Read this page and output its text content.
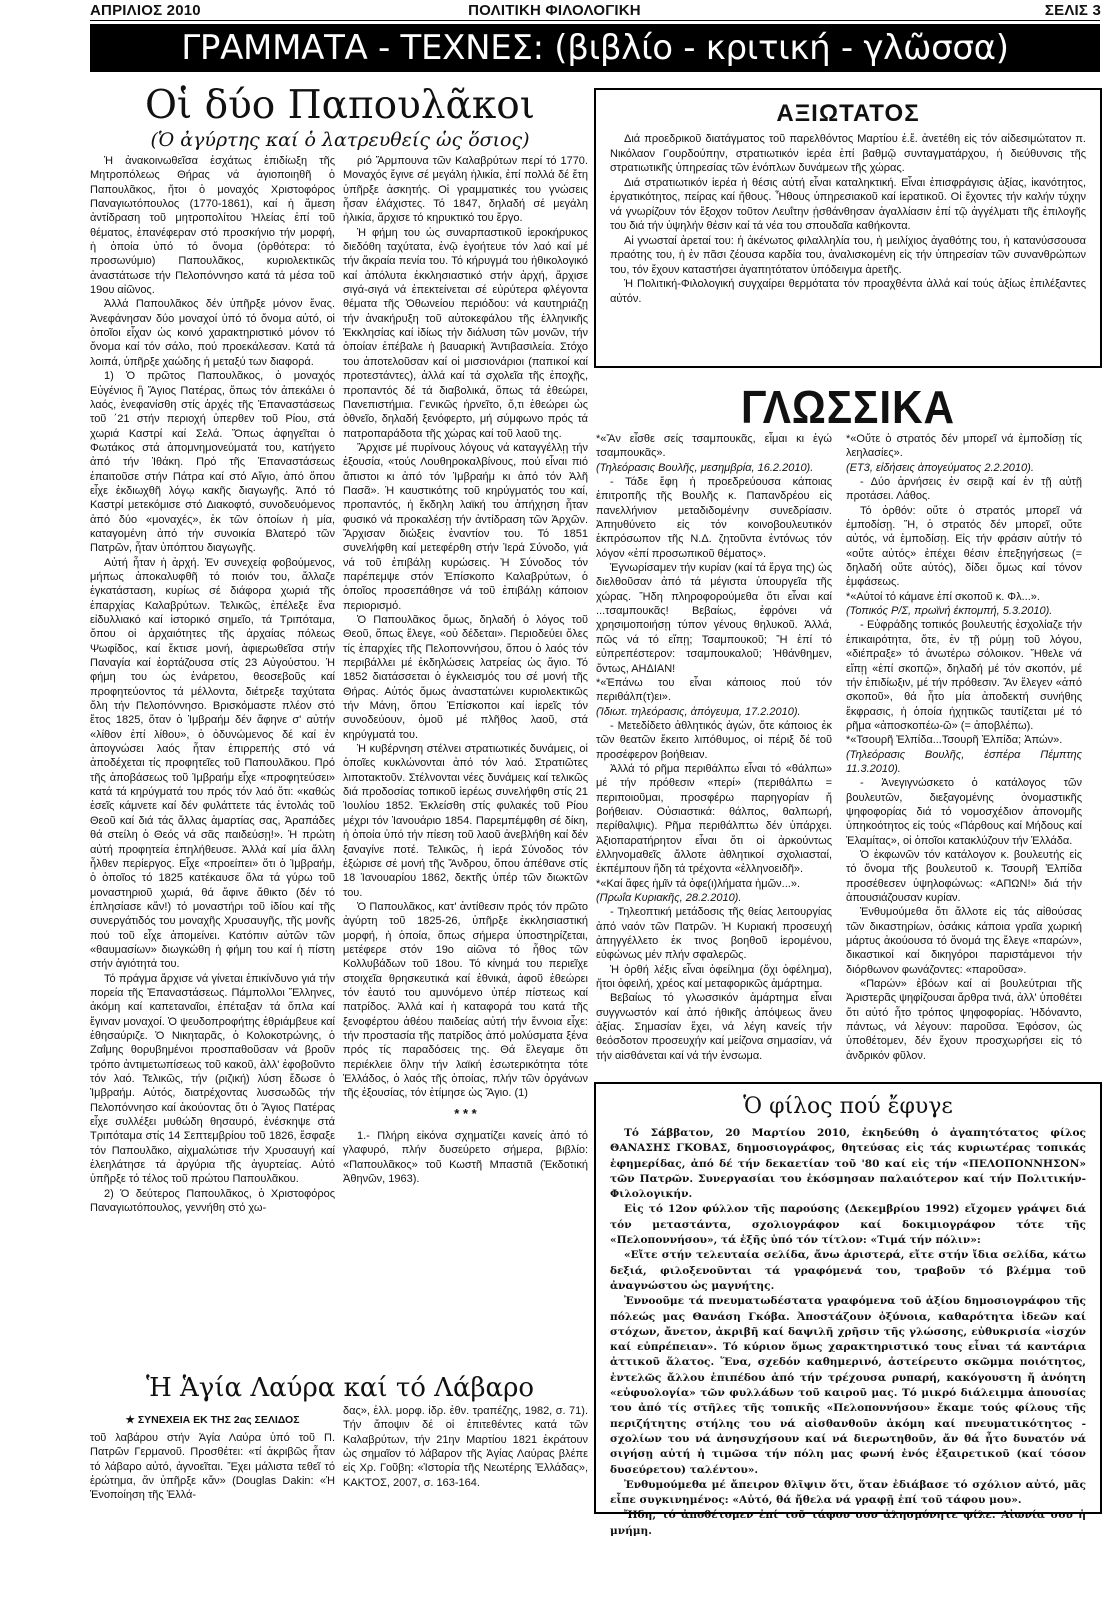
ΑΠΡΙΛΙΟΣ 2010	ΠΟΛΙΤΙΚΗ ΦΙΛΟΛΟΓΙΚΗ	ΣΕΛΙΣ 3
ΓΡΑΜΜΑΤΑ - ΤΕΧΝΕΣ: (βιβλίο - κριτική - γλῶσσα)
Οἱ δύο Παπουλᾶκοι
(Ὁ ἀγύρτης καί ὁ λατρευθείς ὡς ὅσιος)

Ἡ ἀνακοινωθεῖσα ἐσχάτως ἐπιδίωξη τῆς Μητροπόλεως Θήρας νά ἁγιοποιηθῆ ὁ Παπουλᾶκος, ἤτοι ὁ μοναχός Χριστοφόρος Παναγιωτόπουλος (1770-1861), καί ἡ ἄμεση ἀντίδραση τοῦ μητροπολίτου Ἠλείας ἐπί τοῦ θέματος, ἐπανέφεραν στό προσκήνιο τήν μορφή, ἡ ὁποία ὑπό τό ὄνομα (ὀρθότερα: τό προσωνύμιο) Παπουλᾶκος, κυριολεκτικῶς ἀναστάτωσε τήν Πελοπόννησο κατά τά μέσα τοῦ 19ου αἰῶνος.

Ἀλλά Παπουλᾶκος δέν ὑπῆρξε μόνον ἕνας. Ἀνεφάνησαν δύο μοναχοί ὑπό τό ὄνομα αὐτό, οἱ ὁποῖοι εἶχαν ὡς κοινό χαρακτηριστικό μόνον τό ὄνομα καί τόν σάλο, πού προεκάλεσαν. Κατά τά λοιπά, ὑπῆρξε χαώδης ἡ μεταξύ των διαφορά.

1) Ὁ πρῶτος Παπουλᾶκος, ὁ μοναχός Εὐγένιος ἢ Ἅγιος Πατέρας, ὅπως τόν ἀπεκάλει ὁ λαός, ἐνεφανίσθη στίς ἀρχές τῆς Ἐπαναστάσεως τοῦ ΄21 στήν περιοχή ὑπερθεν τοῦ Ρίου, στά χωριά Καστρί καί Σελά. Ὅπως ἀφηγεῖται ὁ Φωτάκος στά ἀπομνημονεύματά του, κατήγετο ἀπό τήν Ἰθάκη. Πρό τῆς Ἐπαναστάσεως ἐπαιτοῦσε στήν Πάτρα καί στό Αἴγιο, ἀπό ὅπου εἶχε ἐκδιωχθῆ λόγῳ κακῆς διαγωγῆς. Ἀπό τό Καστρί μετεκόμισε στό Διακοφτό, συνοδευόμενος ἀπό δύο «μοναχές», ἐκ τῶν ὁποίων ἡ μία, καταγομένη ἀπό τήν συνοικία Βλατερό τῶν Πατρῶν, ἦταν ὑπόπτου διαγωγῆς.

Αὐτή ἦταν ἡ ἀρχή. Ἐν συνεχείᾳ φοβούμενος, μήπως ἀποκαλυφθῆ τό ποιόν του, ἄλλαζε ἐγκατάσταση, κυρίως σέ διάφορα χωριά τῆς ἐπαρχίας Καλαβρύτων. Τελικῶς, ἐπέλεξε ἕνα εἰδυλλιακό καί ἱστορικό σημεῖο, τά Τριπόταμα, ὅπου οἱ ἀρχαιότητες τῆς ἀρχαίας πόλεως Ψωφίδος, καί ἔκτισε μονή, ἀφιερωθεῖσα στήν Παναγία καί ἑορτάζουσα στίς 23 Αὐγούστου. Ἡ φήμη του ὡς ἐνάρετου, θεοσεβοῦς καί προφητεύοντος τά μέλλοντα, διέτρεξε ταχύτατα ὅλη τήν Πελοπόννησο. Βρισκόμαστε πλέον στό ἔτος 1825, ὅταν ὁ Ἰμβραήμ δέν ἄφηνε σ' αὐτήν «λίθον ἐπί λίθου», ὁ ὀδυνώμενος δέ καί ἐν ἀπογνώσει λαός ἦταν ἐπιρρεπής στό νά ἀποδέχεται τίς προφητεῖες τοῦ Παπουλᾶκου. Πρό τῆς ἀποβάσεως τοῦ Ἰμβραήμ εἶχε «προφητεύσει» κατά τά κηρύγματά του πρός τόν λαό ὅτι: «καθώς ἐσεῖς κάμνετε καί δέν φυλάττετε τάς ἐντολάς τοῦ Θεοῦ καί διά τάς ἄλλας ἁμαρτίας σας, Ἀραπάδες θά στείλη ὁ Θεός νά σᾶς παιδεύσῃ!». Ἡ πρώτη αὐτή προφητεία ἐπηλήθευσε. Ἀλλά καί μία ἄλλη ἦλθεν περίεργος. Εἶχε «προείπει» ὅτι ὁ Ἰμβραήμ, ὁ ὁποῖος τό 1825 κατέκαυσε ὅλα τά γύρω τοῦ μοναστηριοῦ χωριά, θά ἄφινε ἄθικτο (δέν τό ἐπλησίασε κἄν!) τό μοναστήρι τοῦ ἰδίου καί τῆς συνεργάτιδός του μοναχῆς Χρυσαυγῆς, τῆς μονῆς πού τοῦ εἶχε ἀπομείνει. Κατόπιν αὐτῶν τῶν «θαυμασίων» διωγκώθη ἡ φήμη του καί ἡ πίστη στήν ἁγιότητά του.

Τό πράγμα ἄρχισε νά γίνεται ἐπικίνδυνο γιά τήν πορεία τῆς Ἐπαναστάσεως. Πάμπολλοι Ἕλληνες, ἀκόμη καί καπεταναῖοι, ἐπέταξαν τά ὅπλα καί ἔγιναν μοναχοί. Ὁ ψευδοπροφήτης ἐθριάμβευε καί ἐθησαύριζε. Ὁ Νικηταρᾶς, ὁ Κολοκοτρώνης, ὁ Ζαΐμης θορυβημένοι προσπαθοῦσαν νά βροῦν τρόπο ἀντιμετωπίσεως τοῦ κακοῦ, ἀλλ' ἐφοβοῦντο τόν λαό. Τελικῶς, τήν (ριζική) λύση ἔδωσε ὁ Ἰμβραήμ. Αὐτός, διατρέχοντας λυσσωδῶς τήν Πελοπόννησο καί ἀκούοντας ὅτι ὁ Ἅγιος Πατέρας εἶχε συλλέξει μυθώδη θησαυρό, ἐνέσκηψε στά Τριπόταμα στίς 14 Σεπτεμβρίου τοῦ 1826, ἔσφαξε τόν Παπουλᾶκο, αἰχμαλώτισε τήν Χρυσαυγή καί ἐλεηλάτησε τά ἀργύρια τῆς ἀγυρτείας. Αὐτό ὑπῆρξε τό τέλος τοῦ πρώτου Παπουλᾶκου.

2) Ὁ δεύτερος Παπουλᾶκος, ὁ Χριστοφόρος Παναγιωτόπουλος, γεννήθη στό χω-

ριό Ἄρμπουνα τῶν Καλαβρύτων περί τό 1770. Μοναχός ἔγινε σέ μεγάλη ἡλικία, ἐπί πολλά δέ ἔτη ὑπῆρξε ἀσκητής. Οἱ γραμματικές του γνώσεις ἦσαν ἐλάχιστες. Τό 1847, δηλαδή σέ μεγάλη ἡλικία, ἄρχισε τό κηρυκτικό του ἔργο.

Ἡ φήμη του ὡς συναρπαστικοῦ ἱεροκήρυκος διεδόθη ταχύτατα, ἐνῷ ἐγοήτευε τόν λαό καί μέ τήν ἄκραία πενία του. Τό κήρυγμά του ἠθικολογικό καί ἀπόλυτα ἐκκλησιαστικό στήν ἀρχή, ἄρχισε σιγά-σιγά νά ἐπεκτείνεται σέ εὐρύτερα φλέγοντα θέματα τῆς Ὀθωνείου περιόδου: νά καυτηριάζῃ τήν ἀνακήρυξη τοῦ αὐτοκεφάλου τῆς ἑλληνικῆς Ἐκκλησίας καί ἰδίως τήν διάλυση τῶν μονῶν, τήν ὁποίαν ἐπέβαλε ἡ βαυαρική Ἀντιβασιλεία. Στόχο του ἀποτελοῦσαν καί οἱ μισσιονάριοι (παπικοί καί προτεστάντες), ἀλλά καί τά σχολεῖα τῆς ἐποχῆς, προπαντός δέ τά διαβολικά, ὅπως τά ἐθεώρει, Πανεπιστήμια. Γενικῶς ἠρνεῖτο, ὅ,τι ἐθεώρει ὡς ὀθνεῖο, δηλαδή ξενόφερτο, μή σύμφωνο πρός τά πατροπαράδοτα τῆς χώρας καί τοῦ λαοῦ της.

Ἄρχισε μέ πυρίνους λόγους νά καταγγέλλῃ τήν ἐξουσία, «τούς Λουθηροκαλβίνους, πού εἶναι πιό ἄπιστοι κι ἀπό τόν Ἰμβραήμ κι ἀπό τόν Ἀλῆ Πασᾶ». Ἡ καυστικότης τοῦ κηρύγματός του καί, προπαντός, ἡ ἔκδηλη λαϊκή του ἀπήχηση ἦταν φυσικό νά προκαλέσῃ τήν ἀντίδραση τῶν Ἀρχῶν. Ἄρχισαν διώξεις ἐναντίον του. Τό 1851 συνελήφθη καί μετεφέρθη στήν Ἱερά Σύνοδο, γιά νά τοῦ ἐπιβάλῃ κυρώσεις. Ἡ Σύνοδος τόν παρέπεμψε στόν Ἐπίσκοπο Καλαβρύτων, ὁ ὁποῖος προσεπάθησε νά τοῦ ἐπιβάλῃ κάποιον περιορισμό.

Ὁ Παπουλᾶκος ὅμως, δηλαδή ὁ λόγος τοῦ Θεοῦ, ὅπως ἔλεγε, «οὐ δέδεται». Περιοδεύει ὅλες τίς ἐπαρχίες τῆς Πελοποννήσου, ὅπου ὁ λαός τόν περιβάλλει μέ ἐκδηλώσεις λατρείας ὡς ἅγιο. Τό 1852 διατάσσεται ὁ ἐγκλεισμός του σέ μονή τῆς Θήρας. Αὐτός ὅμως ἀναστατώνει κυριολεκτικῶς τήν Μάνη, ὅπου Ἐπίσκοποι καί ἱερεῖς τόν συνοδεύουν, ὁμοῦ μέ πλῆθος λαοῦ, στά κηρύγματά του.

Ἡ κυβέρνηση στέλνει στρατιωτικές δυνάμεις, οἱ ὁποῖες κυκλώνονται ἀπό τόν λαό. Στρατιῶτες λιποτακτοῦν. Στέλνονται νέες δυνάμεις καί τελικῶς διά προδοσίας τοπικοῦ ἱερέως συνελήφθη στίς 21 Ἰουλίου 1852. Ἐκλείσθη στίς φυλακές τοῦ Ρίου μέχρι τόν Ἰανουάριο 1854. Παρεμπέμφθη σέ δίκη, ἡ ὁποία ὑπό τήν πίεση τοῦ λαοῦ ἀνεβλήθη καί δέν ξαναγίνε ποτέ. Τελικῶς, ἡ ἱερά Σύνοδος τόν ἐξώρισε σέ μονή τῆς Ἄνδρου, ὅπου ἀπέθανε στίς 18 Ἰανουαρίου 1862, δεκτῆς ὑπέρ τῶν διωκτῶν του.

Ὁ Παπουλᾶκος, κατ' ἀντίθεσιν πρός τόν πρῶτο ἀγύρτη τοῦ 1825-26, ὑπῆρξε ἐκκλησιαστική μορφή, ἡ ὁποία, ὅπως σήμερα ὑποστηρίζεται, μετέφερε στόν 19ο αἰῶνα τό ἦθος τῶν Κολλυβάδων τοῦ 18ου. Τό κίνημά του περιεῖχε στοιχεῖα θρησκευτικά καί ἐθνικά, ἀφοῦ ἐθεώρει τόν ἑαυτό του αμυνόμενο ὑπέρ πίστεως καί πατρίδος. Ἀλλά καί ἡ καταφορά του κατά τῆς ξενοφέρτου ἀθέου παιδείας αὐτή τήν ἔννοια εἶχε: τήν προστασία τῆς πατρίδος ἀπό μολύσματα ξένα πρός τίς παραδόσεις της. Θά ἔλεγαμε ὅτι περιέκλειε ὅλην τήν λαϊκή ἐσωτερικότητα τότε Ἑλλάδος, ὁ λαός τῆς ὁποίας, πλήν τῶν ὀργάνων τῆς ἐξουσίας, τόν ἐτίμησε ὡς Ἅγιο. (1)

* * *

1.- Πλήρη εἰκόνα σχηματίζει κανείς ἀπό τό γλαφυρό, πλήν δυσεύρετο σήμερα, βιβλίο: «Παπουλᾶκος» τοῦ Κωστῆ Μπαστιᾶ (Ἐκδοτική Ἀθηνῶν, 1963).

Ἡ Ἁγία Λαύρα καί τό Λάβαρο
★ ΣΥΝΕΧΕΙΑ ΕΚ ΤΗΣ 2ας ΣΕΛΙΔΟΣ

τοῦ λαβάρου στήν Ἁγία Λαύρα ὑπό τοῦ Π. Πατρῶν Γερμανοῦ. Προσθέτει: «τί ἀκριβῶς ἦταν τό λάβαρο αὐτό, ἀγνοεῖται. Ἔχει μάλιστα τεθεῖ τό ἐρώτημα, ἄν ὑπῆρξε κἄν» (Douglas Dakin: «Ἡ Ἑνοποίηση τῆς Ἑλλά-

δας», ἑλλ. μορφ. ἰδρ. ἐθν. τραπέζης, 1982, σ. 71). Τήν ἄποψιν δέ οἱ ἐπιτεθέντες κατά τῶν Καλαβρύτων, τήν 21ην Μαρτίου 1821 ἐκράτουν ὡς σημαῖον τό λάβαρον τῆς Ἁγίας Λαύρας βλέπε εἰς Χρ. Γοῦβη: «Ἱστορία τῆς Νεωτέρης Ἑλλάδας», ΚΑΚΤΟΣ, 2007, σ. 163-164.

ΑΞΙΩΤΑΤΟΣ

Διά προεδρικοῦ διατάγματος τοῦ παρελθόντος Μαρτίου ἐ.ἔ. ἀνετέθη εἰς τόν αἰδεσιμώτατον π. Νικόλαον Γουρδούπην, στρατιωτικόν ἱερέα ἐπί βαθμῷ συνταγματάρχου, ἡ διεύθυνσις τῆς στρατιωτικῆς ὑπηρεσίας τῶν ἐνόπλων δυνάμεων τῆς χώρας.

Διά στρατιωτικόν ἱερέα ἡ θέσις αὐτή εἶναι καταληκτική. Εἶναι ἐπισφράγισις ἀξίας, ἱκανότητος, ἐργατικότητος, πείρας καί ἤθους. Ἦθους ὑπηρεσιακοῦ καί ἱερατικοῦ. Οἱ ἔχοντες τήν καλήν τύχην νά γνωρίζουν τόν ἔξοχον τοῦτον Λευΐτην ᾐσθάνθησαν ἀγαλλίασιν ἐπί τῷ ἀγγέλματι τῆς ἐπιλογῆς του διά τήν ὑψηλήν θέσιν καί τά νέα του σπουδαῖα καθήκοντα.

Αἱ γνωσταί ἀρεταί του: ἡ ἀκένωτος φιλαλληλία του, ἡ μειλίχιος ἀγαθότης του, ἡ κατανύσσουσα πραότης του, ἡ ἐν πᾶσι ζέουσα καρδία του, ἀναλισκομένη εἰς τήν ὑπηρεσίαν τῶν συνανθρώπων του, τόν ἔχουν καταστήσει ἀγαπητότατον ὑπόδειγμα ἀρετῆς.

Ἡ Πολιτική-Φιλολογική συγχαίρει θερμότατα τόν προαχθέντα ἀλλά καί τούς ἀξίως ἐπιλέξαντες αὐτόν.

ΓΛΩΣΣΙΚΑ

*«Ἄν εἶσθε σείς τσαμπουκᾶς, εἶμαι κι ἐγώ τσαμπουκᾶς».

(Τηλεόρασις Βουλῆς, μεσημβρία, 16.2.2010).

- Τάδε ἔφη ἡ προεδρεύουσα κάποιας ἐπιτροπῆς τῆς Βουλῆς κ. Παπανδρέου εἰς πανελλήνιον μεταδιδομένην συνεδρίασιν. Ἀπηυθύνετο εἰς τόν κοινοβουλευτικόν ἐκπρόσωπον τῆς Ν.Δ. ζητοῦντα ἐντόνως τόν λόγον «ἐπί προσωπικοῦ θέματος».

Ἐγνωρίσαμεν τήν κυρίαν (καί τά ἔργα της) ὡς διελθοῦσαν ἀπό τά μέγιστα ὑπουργεῖα τῆς χώρας. Ἤδη πληροφορούμεθα ὅτι εἶναι καί ...τσαμπουκᾶς! Βεβαίως, ἐφρόνει νά χρησιμοποιήσῃ τύπον γένους θηλυκοῦ. Ἀλλά, πῶς νά τό εἴπῃ; Τσαμπουκοῦ; Ἤ ἐπί τό εὐπρεπέστερον: τσαμπουκαλοῦ; Ἡθάνθημεν, ὄντως, ΑΗΔΙΑΝ!

*«Ἐπάνω του εἶναι κάποιος πού τόν περιθάλπ(τ)ει».

(Ἰδιωτ. τηλεόρασις, ἀπόγευμα, 17.2.2010).

- Μετεδίδετο ἀθλητικός ἀγών, ὅτε κάποιος ἐκ τῶν θεατῶν ἔκειτο λιπόθυμος, οἱ πέριξ δέ τοῦ προσέφερον βοήθειαν.

Ἀλλά τό ρῆμα περιθάλπω εἶναι τό «θάλπω» μέ τήν πρόθεσιν «περί» (περιθάλπω = περιποιοῦμαι, προσφέρω παρηγορίαν ἤ βοήθειαν. Οὐσιαστικά: θάλπος, θαλπωρή, περίθαλψις). Ρῆμα περιθάλπτω δέν ὑπάρχει. Ἀξιοπαρατήρητον εἶναι ὅτι οἱ ἀρκούντως ἐλληνομαθεῖς ἄλλοτε ἀθλητικοί σχολιασταί, ἐκπέμπουν ἤδη τά τρέχοντα «ἑλληνοειδῆ».

*«Καί ἄφες ἡμῖν τά ὀφε(ι)λήματα ἡμῶν...».

(Πρωΐα Κυριακῆς, 28.2.2010).

- Τηλεοπτική μετάδοσις τῆς θείας λειτουργίας ἀπό ναόν τῶν Πατρῶν. Ἡ Κυριακή προσευχή ἀπηγγέλλετο ἐκ τινος βοηθοῦ ἱερομένου, εὐφώνως μέν πλήν σφαλερῶς.

Ἡ ὀρθή λέξις εἶναι ὀφείλημα (ὄχι ὀφέλημα), ἤτοι ὀφειλή, χρέος καί μεταφορικῶς ἁμάρτημα.

Βεβαίως τό γλωσσικόν ἁμάρτημα εἶναι συγγνωστόν καί ἀπό ἠθικῆς ἀπόψεως ἄνευ ἀξίας. Σημασίαν ἔχει, νά λέγη κανείς τήν θεόσδοτον προσευχήν καί μείζονα σημασίαν, νά τήν αἰσθάνεται καί νά τήν ἐνσωμα.

*«Οὔτε ὁ στρατός δέν μπορεῖ νά ἐμποδίσῃ τίς λεηλασίες».

(ΕΤ3, εἰδήσεις ἀπογεύματος 2.2.2010).

- Δύο ἀρνήσεις ἐν σειρᾷ καί ἐν τῇ αὐτῇ προτάσει. Λάθος.

Τό ὀρθόν: οὔτε ὁ στρατός μπορεῖ νά ἐμποδίσῃ. Ἤ, ὁ στρατός δέν μπορεῖ, οὔτε αὐτός, νά ἐμποδίσῃ. Εἰς τήν φράσιν αὐτήν τό «οὔτε αὐτός» ἐπέχει θέσιν ἐπεξηγήσεως (= δηλαδή οὔτε αὐτός), δίδει ὅμως καί τόνον ἐμφάσεως.

*«Αὐτοί τό κάμανε ἐπί σκοποῦ κ. Φλ...».

(Τοπικός Ρ/Σ, πρωϊνή ἐκπομπή, 5.3.2010).

- Εὐφράδης τοπικός βουλευτής ἐσχολίαζε τήν ἐπικαιρότητα, ὅτε, ἐν τῇ ρύμῃ τοῦ λόγου, «διέπραξε» τό ἀνωτέρω σόλοικον. Ἤθελε νά εἴπῃ «ἐπί σκοπῷ», δηλαδή μέ τόν σκοπόν, μέ τήν ἐπιδίωξιν, μέ τήν πρόθεσιν. Ἄν ἔλεγεν «ἀπό σκοποῦ», θά ἦτο μία ἀποδεκτή συνήθης ἔκφρασις, ἡ ὁποία ἠχητικῶς ταυτίζεται μέ τό ρῆμα «ἀποσκοπέω-ῶ» (= ἀποβλέπω).

*«Τσουρῆ Ἐλπίδα...Τσουρῆ Ἐλπίδα; Ἀπών».

(Τηλεόρασις Βουλῆς, ἑσπέρα Πέμπτης 11.3.2010).

- Ἀνεγιγνώσκετο ὁ κατάλογος τῶν βουλευτῶν, διεξαγομένης ὀνομαστικῆς ψηφοφορίας διά τό νομοσχέδιον ἀπονομῆς ὑπηκοότητος εἰς τούς «Πάρθους καί Μήδους καί Ἐλαμίτας», οἱ ὁποῖοι κατακλύζουν τήν Ἑλλάδα.

Ὁ ἐκφωνῶν τόν κατάλογον κ. βουλευτής εἰς τό ὄνομα τῆς βουλευτοῦ κ. Τσουρῆ Ἐλπίδα προσέθεσεν ὑψηλοφώνως: «ΑΠΩΝ!» διά τήν ἀπουσιάζουσαν κυρίαν.

Ἐνθυμούμεθα ὅτι ἄλλοτε εἰς τάς αἰθούσας τῶν δικαστηρίων, ὁσάκις κάποια γραῖα χωρική μάρτυς ἀκούουσα τό ὄνομά της ἔλεγε «παρών», δικαστικοί καί δικηγόροι παριστάμενοι τήν διόρθωνον φωνάζοντες: «παροῦσα».

«Παρών» ἐβόων καί αἱ βουλεύτριαι τῆς Ἀριστερᾶς ψηφίζουσαι ἄρθρα τινά, ἀλλ' ὑποθέτει ὅτι αὐτό ἦτο τρόπος ψηφοφορίας. Ἠδόναντο, πάντως, νά λέγουν: παροῦσα. Ἐφόσον, ὡς ὑποθέτομεν, δέν ἔχουν προσχωρήσει εἰς τό ἀνδρικόν φῦλον.

Ὁ φίλος πού ἔφυγε

Τό Σάββατον, 20 Μαρτίου 2010, ἐκηδεύθη ὁ ἀγαπητότατος φίλος ΘΑΝΑΣΗΣ ΓΚΟΒΑΣ, δημοσιογράφος, θητεύσας εἰς τάς κυριωτέρας τοπικάς ἐφημερίδας, ἀπό δέ τήν δεκαετίαν τοῦ '80 καί εἰς τήν «ΠΕΛΟΠΟΝΝΗΣΟΝ» τῶν Πατρῶν. Συνεργασίαι του ἐκόσμησαν παλαιότερον καί τήν Πολιτικήν-Φιλολογικήν.

Εἰς τό 12ον φύλλον τῆς παρούσης (Δεκεμβρίου 1992) εἴχομεν γράψει διά τόν μεταστάντα, σχολιογράφον καί δοκιμιογράφον τότε τῆς «Πελοποννήσου», τά ἑξῆς ὑπό τόν τίτλον: «Τιμά τήν πόλιν»:

«Εἴτε στήν τελευταία σελίδα, ἄνω ἀριστερά, εἴτε στήν ἴδια σελίδα, κάτω δεξιά, φιλοξενοῦνται τά γραφόμενά του, τραβοῦν τό βλέμμα τοῦ ἀναγνώστου ὡς μαγνήτης.

Ἐννοοῦμε τά πνευματωδέστατα γραφόμενα τοῦ ἀξίου δημοσιογράφου τῆς πόλεώς μας Θανάση Γκόβα. Ἀποστάζουν ὀξύνοια, καθαρότητα ἰδεῶν καί στόχων, ἄνετον, ἀκριβῆ καί δαψιλῆ χρῆσιν τῆς γλώσσης, εὐθυκρισία «ἰσχύν καί εὐπρέπειαν». Τό κύριον ὅμως χαρακτηριστικό τους εἶναι τά καντάρια ἀττικοῦ ἅλατος. Ἕνα, σχεδόν καθημερινό, ἀστείρευτο σκῶμμα ποιότητος, ἐντελῶς ἄλλου ἐπιπέδου ἀπό τήν τρέχουσα ρυπαρή, κακόγουστη ἤ ἀνόητη «εὐφυολογία» τῶν φυλλάδων τοῦ καιροῦ μας. Τό μικρό διάλειμμα ἀπουσίας του ἀπό τίς στῆλες τῆς τοπικῆς «Πελοποννήσου» ἔκαμε τούς φίλους τῆς περιζήτητης στήλης του νά αἰσθανθοῦν ἀκόμη καί πνευματικότητος - σχολίων του νά ἀνησυχήσουν καί νά διερωτηθοῦν, ἄν θά ἦτο δυνατόν νά σιγήσῃ αὐτή ἡ τιμῶσα τήν πόλη μας φωνή ἐνός ἐξαιρετικοῦ (καί τόσον δυσεύρετου) ταλέντου».

Ἐνθυμούμεθα μέ ἄπειρον θλῖψιν ὅτι, ὅταν ἐδιάβασε τό σχόλιον αὐτό, μᾶς εἶπε συγκινημένος: «Αὐτό, θά ἤθελα νά γραφῇ ἐπί τοῦ τάφου μου».

Ἤδη, τό ἀποθέτομεν ἐπί τοῦ τάφου σου ἀλησμόνητε φίλε. Αἰωνία σου ἡ μνήμη.
